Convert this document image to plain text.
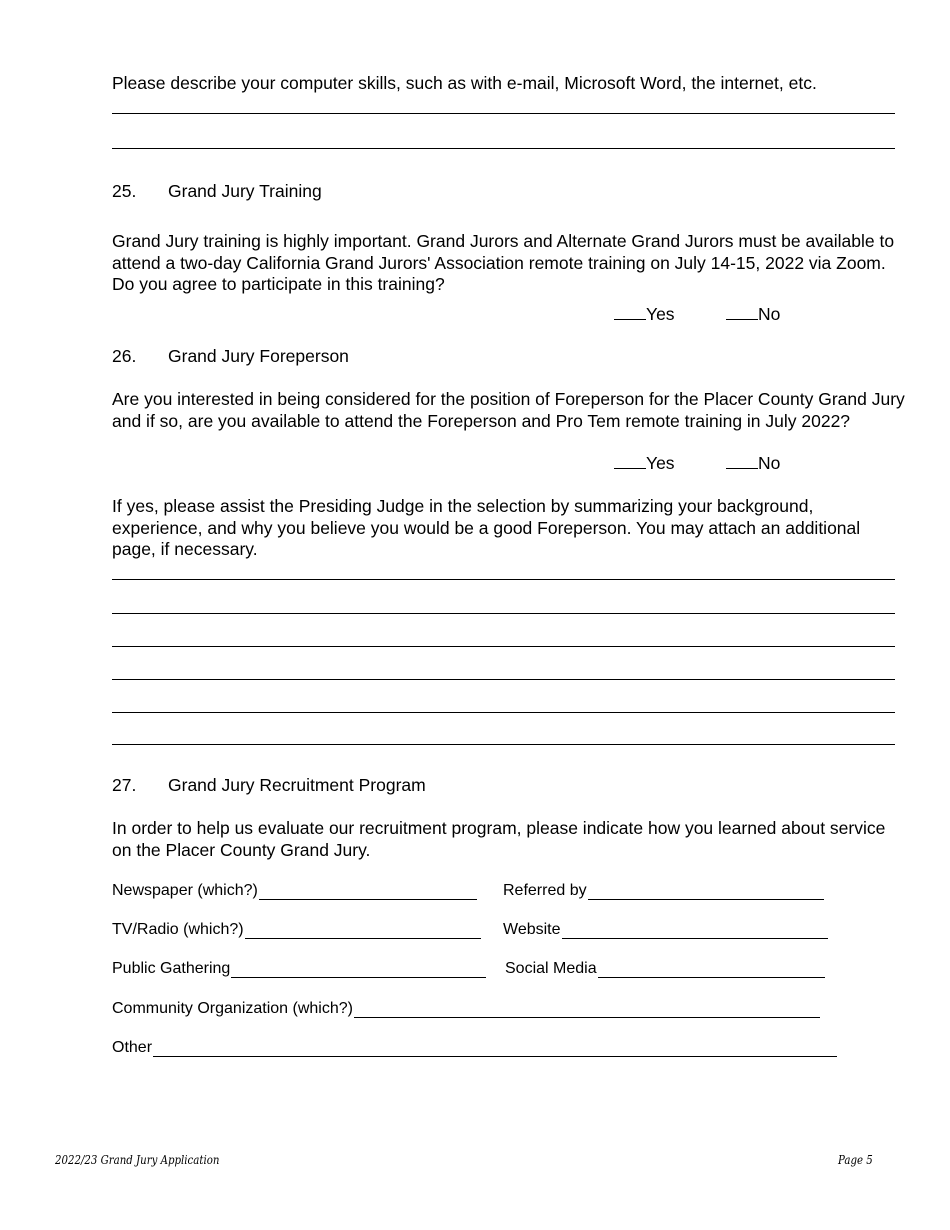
Please describe your computer skills, such as with e-mail, Microsoft Word, the internet, etc.
25. Grand Jury Training
Grand Jury training is highly important. Grand Jurors and Alternate Grand Jurors must be available to attend a two-day California Grand Jurors' Association remote training on July 14-15, 2022 via Zoom. Do you agree to participate in this training?
Yes	No
26. Grand Jury Foreperson
Are you interested in being considered for the position of Foreperson for the Placer County Grand Jury and if so, are you available to attend the Foreperson and Pro Tem remote training in July 2022?
Yes	No
If yes, please assist the Presiding Judge in the selection by summarizing your background, experience, and why you believe you would be a good Foreperson. You may attach an additional page, if necessary.
27. Grand Jury Recruitment Program
In order to help us evaluate our recruitment program, please indicate how you learned about service on the Placer County Grand Jury.
Newspaper (which?)	Referred by
TV/Radio (which?)	Website
Public Gathering	Social Media
Community Organization (which?)
Other
2022/23 Grand Jury Application	Page 5
